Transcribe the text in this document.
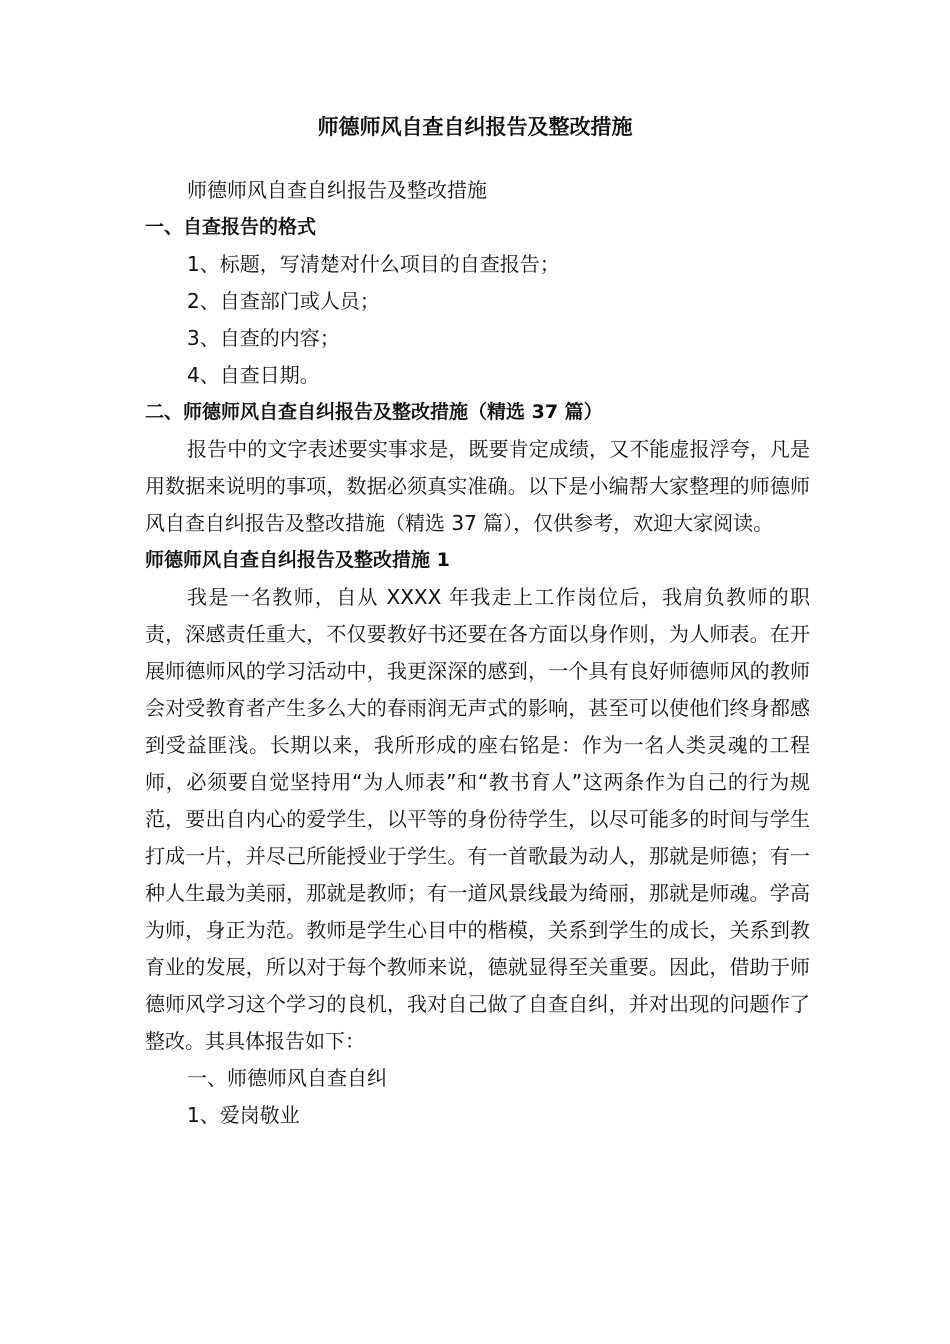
师德师风自查自纠报告及整改措施

师德师风自查自纠报告及整改措施

一、自查报告的格式

1、标题，写清楚对什么项目的自查报告；

2、自查部门或人员；

3、自查的内容；

4、自查日期。

二、师德师风自查自纠报告及整改措施（精选 37 篇）

报告中的文字表述要实事求是，既要肯定成绩，又不能虚报浮夸，凡是用数据来说明的事项，数据必须真实准确。以下是小编帮大家整理的师德师风自查自纠报告及整改措施（精选 37 篇），仅供参考，欢迎大家阅读。

师德师风自查自纠报告及整改措施 1

我是一名教师，自从 XXXX 年我走上工作岗位后，我肩负教师的职责，深感责任重大，不仅要教好书还要在各方面以身作则，为人师表。在开展师德师风的学习活动中，我更深深的感到，一个具有良好师德师风的教师会对受教育者产生多么大的春雨润无声式的影响，甚至可以使他们终身都感到受益匪浅。长期以来，我所形成的座右铭是：作为一名人类灵魂的工程师，必须要自觉坚持用“为人师表”和“教书育人”这两条作为自己的行为规范，要出自内心的爱学生，以平等的身份待学生，以尽可能多的时间与学生打成一片，并尽己所能授业于学生。有一首歌最为动人，那就是师德；有一种人生最为美丽，那就是教师；有一道风景线最为绮丽，那就是师魂。学高为师，身正为范。教师是学生心目中的楷模，关系到学生的成长，关系到教育业的发展，所以对于每个教师来说，德就显得至关重要。因此，借助于师德师风学习这个学习的良机，我对自己做了自查自纠，并对出现的问题作了整改。其具体报告如下：

一、师德师风自查自纠

1、爱岗敬业
